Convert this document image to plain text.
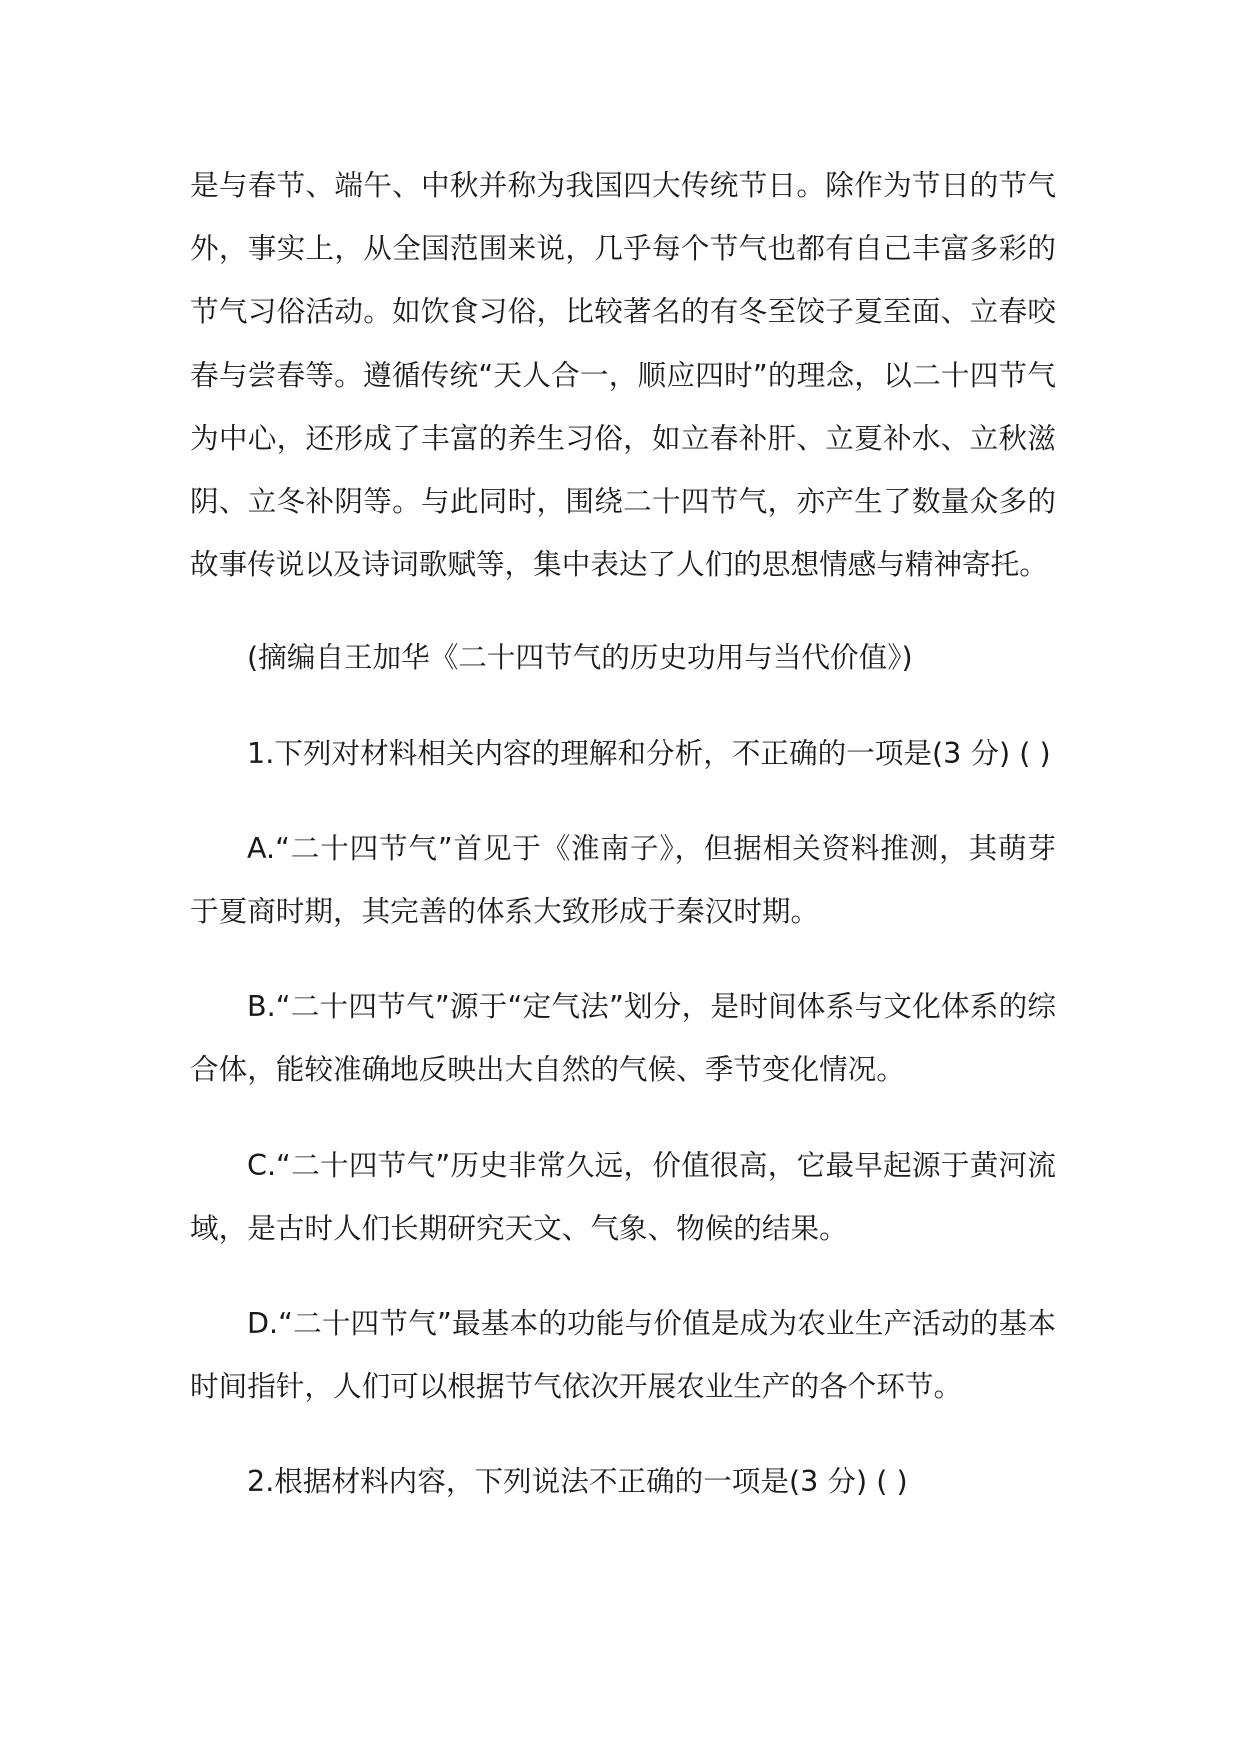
是与春节、端午、中秋并称为我国四大传统节日。除作为节日的节气外，事实上，从全国范围来说，几乎每个节气也都有自己丰富多彩的节气习俗活动。如饮食习俗，比较著名的有冬至饺子夏至面、立春咬春与尝春等。遵循传统“天人合一，顺应四时”的理念，以二十四节气为中心，还形成了丰富的养生习俗，如立春补肝、立夏补水、立秋滋阴、立冬补阴等。与此同时，围绕二十四节气，亦产生了数量众多的故事传说以及诗词歌赋等，集中表达了人们的思想情感与精神寄托。

(摘编自王加华《二十四节气的历史功用与当代价值》)

1.下列对材料相关内容的理解和分析，不正确的一项是(3 分) ( )

A.“二十四节气”首见于《淮南子》，但据相关资料推测，其萌芽于夏商时期，其完善的体系大致形成于秦汉时期。

B.“二十四节气”源于“定气法”划分，是时间体系与文化体系的综合体，能较准确地反映出大自然的气候、季节变化情况。

C.“二十四节气”历史非常久远，价值很高，它最早起源于黄河流域，是古时人们长期研究天文、气象、物候的结果。

D.“二十四节气”最基本的功能与价值是成为农业生产活动的基本时间指针，人们可以根据节气依次开展农业生产的各个环节。

2.根据材料内容，下列说法不正确的一项是(3 分) ( )
